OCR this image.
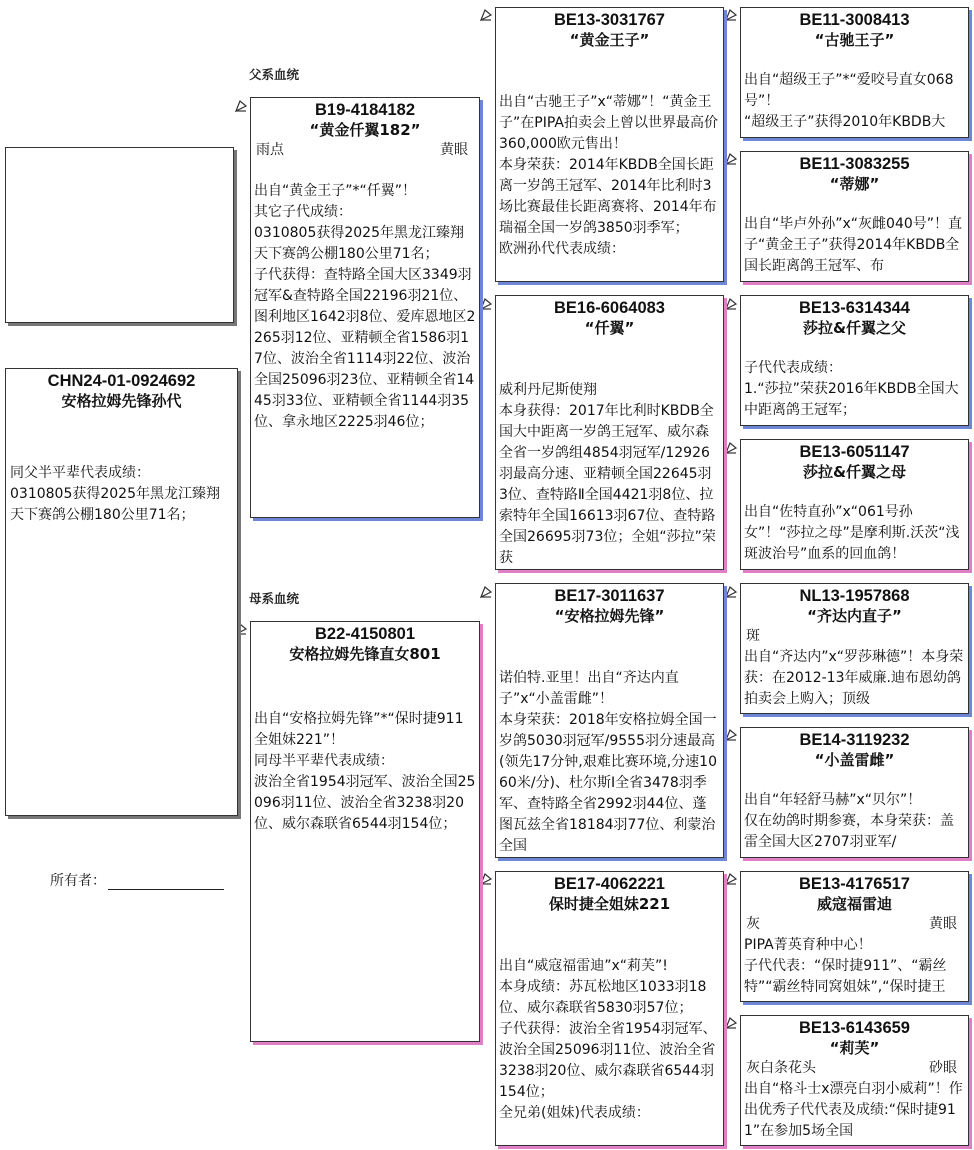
父系血统
母系血统
CHN24-01-0924692
安格拉姆先锋孙代
同父半平辈代表成绩：
0310805获得2025年黑龙江臻翔天下赛鸽公棚180公里71名；
所有者：
B19-4184182
“黄金仟翼182”
雨点	黄眼
出自“黄金王子”*“仟翼”！
其它子代成绩：
0310805获得2025年黑龙江臻翔天下赛鸽公棚180公里71名；
子代获得：查特路全国大区3349羽冠军&查特路全国22196羽21位、图利地区1642羽8位、爱库恩地区2265羽12位、亚精顿全省1586羽17位、波治全省1114羽22位、波治全国25096羽23位、亚精顿全省1445羽33位、亚精顿全省1144羽35位、拿永地区2225羽46位；
B22-4150801
安格拉姆先锋直女801
出自“安格拉姆先锋”*“保时捷911全姐妹221”！
同母半平辈代表成绩：
波治全省1954羽冠军、波治全国25096羽11位、波治全省3238羽20位、威尔森联省6544羽154位；
BE13-3031767
“黄金王子”
出自“古驰王子”x“蒂娜”！“黄金王子”在PIPA拍卖会上曾以世界最高价360,000欧元售出！
本身荣获：2014年KBDB全国长距离一岁鸽王冠军、2014年比利时3场比赛最佳长距离赛将、2014年布瑞福全国一岁鸽3850羽季军；
欧洲孙代代表成绩：
BE16-6064083
“仟翼”
威利丹尼斯使翔
本身获得：2017年比利时KBDB全国大中距离一岁鸽王冠军、威尔森全省一岁鸽组4854羽冠军/12926羽最高分速、亚精顿全国22645羽3位、查特路Ⅱ全国4421羽8位、拉索特年全国16613羽67位、查特路全国26695羽73位；全姐“莎拉”荣获
BE17-3011637
“安格拉姆先锋”
诺伯特.亚里！出自“齐达内直子”x“小盖雷雌”！
本身荣获：2018年安格拉姆全国一岁鸽5030羽冠军/9555羽分速最高(领先17分钟,艰难比赛环境,分速1060米/分)、杜尔斯Ⅰ全省3478羽季军、查特路全省2992羽44位、蓬图瓦兹全省18184羽77位、利蒙治全国
BE17-4062221
保时捷全姐妹221
出自“威寇福雷迪”x“莉芙”!
本身成绩：苏瓦松地区1033羽18位、威尔森联省5830羽57位；
子代获得：波治全省1954羽冠军、波治全国25096羽11位、波治全省3238羽20位、威尔森联省6544羽154位；
全兄弟(姐妹)代表成绩：
BE11-3008413
“古驰王子”
出自“超级王子”*“爱咬号直女068号”！
“超级王子”获得2010年KBDB大
BE11-3083255
“蒂娜”
出自“毕卢外孙”x“灰雌040号”！直子“黄金王子”获得2014年KBDB全国长距离鸽王冠军、布
BE13-6314344
莎拉&仟翼之父
子代代表成绩：
1.“莎拉”荣获2016年KBDB全国大中距离鸽王冠军；
BE13-6051147
莎拉&仟翼之母
出自“佐特直孙”x“061号孙女”！“莎拉之母”是摩利斯.沃茨“浅斑波治号”血系的回血鸽！
NL13-1957868
“齐达内直子”
斑
出自“齐达内”x“罗莎琳德”！本身荣获：在2012-13年威廉.迪布恩幼鸽拍卖会上购入；顶级
BE14-3119232
“小盖雷雌”
出自“年轻舒马赫”x“贝尔”！
仅在幼鸽时期参赛，本身荣获：盖雷全国大区2707羽亚军/
BE13-4176517
威寇福雷迪
灰	黄眼
PIPA菁英育种中心！
子代代表：“保时捷911”、“霸丝特”“霸丝特同窝姐妹”,“保时捷王
BE13-6143659
“莉芙”
灰白条花头	砂眼
出自“格斗士x漂亮白羽小威莉”！作出优秀子代代表及成绩:“保时捷911”在参加5场全国
